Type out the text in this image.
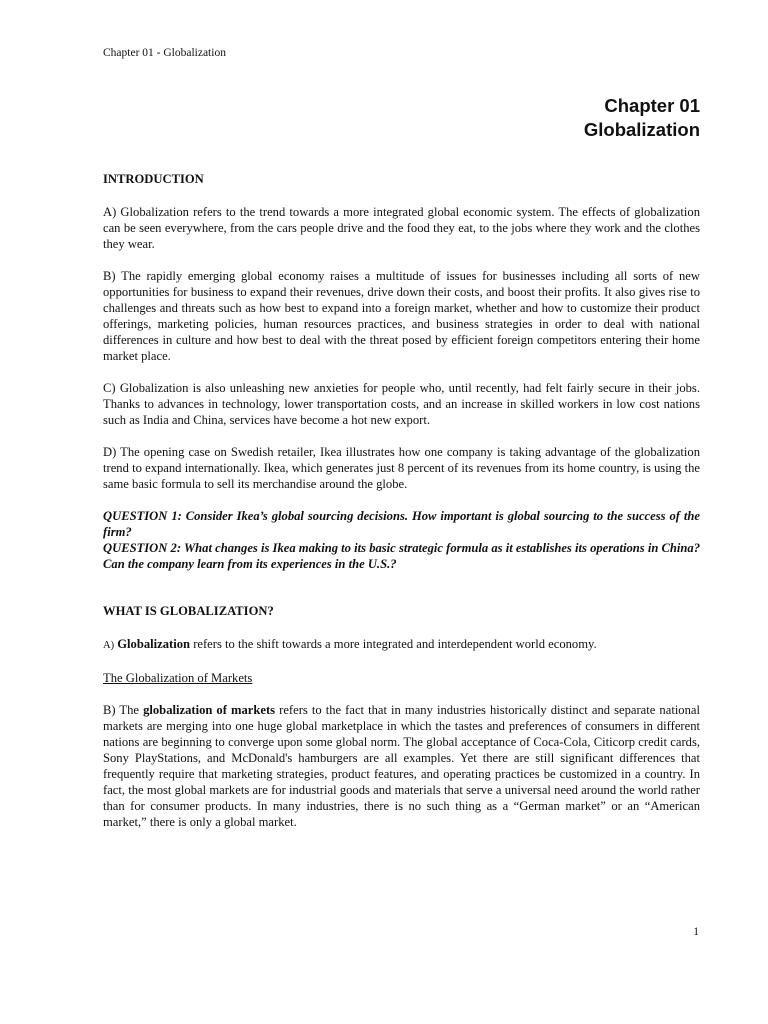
Chapter 01 - Globalization
Chapter 01
Globalization

INTRODUCTION

A) Globalization refers to the trend towards a more integrated global economic system. The effects of globalization can be seen everywhere, from the cars people drive and the food they eat, to the jobs where they work and the clothes they wear.

B) The rapidly emerging global economy raises a multitude of issues for businesses including all sorts of new opportunities for business to expand their revenues, drive down their costs, and boost their profits. It also gives rise to challenges and threats such as how best to expand into a foreign market, whether and how to customize their product offerings, marketing policies, human resources practices, and business strategies in order to deal with national differences in culture and how best to deal with the threat posed by efficient foreign competitors entering their home market place.

C) Globalization is also unleashing new anxieties for people who, until recently, had felt fairly secure in their jobs. Thanks to advances in technology, lower transportation costs, and an increase in skilled workers in low cost nations such as India and China, services have become a hot new export.

D) The opening case on Swedish retailer, Ikea illustrates how one company is taking advantage of the globalization trend to expand internationally. Ikea, which generates just 8 percent of its revenues from its home country, is using the same basic formula to sell its merchandise around the globe.

QUESTION 1: Consider Ikea’s global sourcing decisions. How important is global sourcing to the success of the firm?

QUESTION 2: What changes is Ikea making to its basic strategic formula as it establishes its operations in China? Can the company learn from its experiences in the U.S.?

WHAT IS GLOBALIZATION?

A) Globalization refers to the shift towards a more integrated and interdependent world economy.

The Globalization of Markets

B) The globalization of markets refers to the fact that in many industries historically distinct and separate national markets are merging into one huge global marketplace in which the tastes and preferences of consumers in different nations are beginning to converge upon some global norm. The global acceptance of Coca-Cola, Citicorp credit cards, Sony PlayStations, and McDonald's hamburgers are all examples. Yet there are still significant differences that frequently require that marketing strategies, product features, and operating practices be customized in a country. In fact, the most global markets are for industrial goods and materials that serve a universal need around the world rather than for consumer products. In many industries, there is no such thing as a “German market” or an “American market,” there is only a global market.

1
